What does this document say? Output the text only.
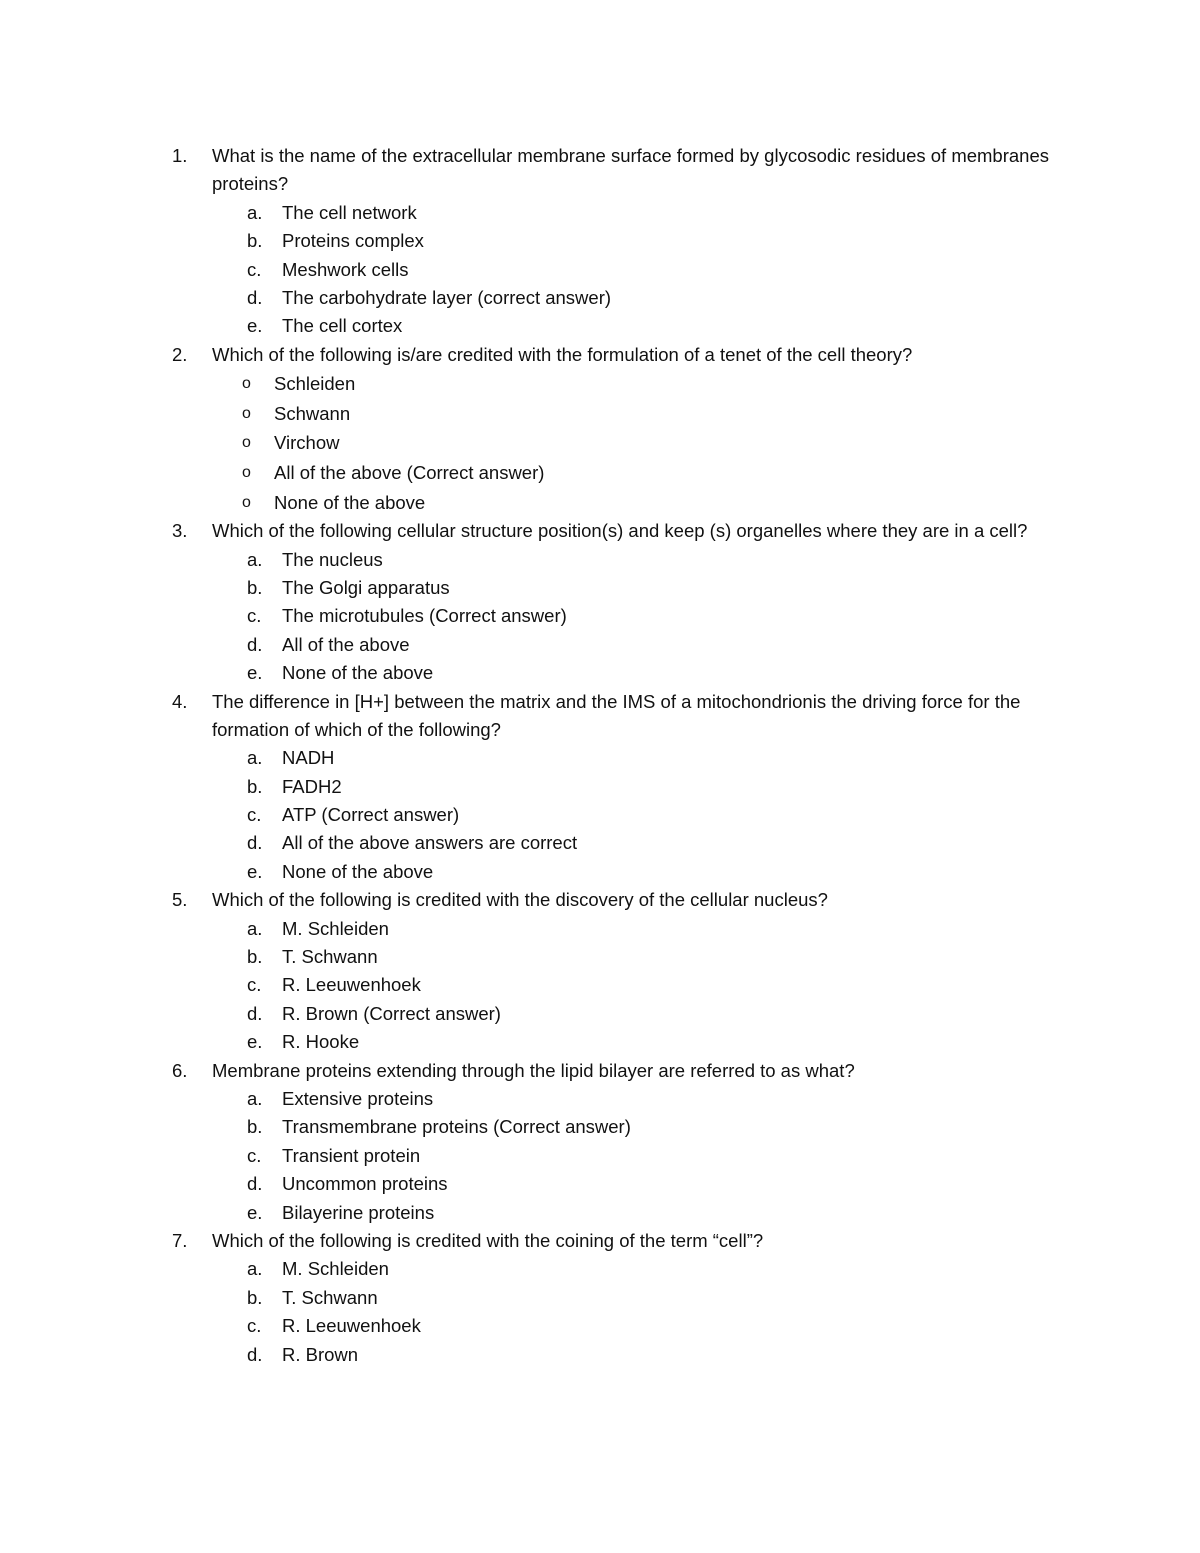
1.	What is the name of the extracellular membrane surface formed by glycosodic residues of membranes proteins?
a.	The cell network
b.	Proteins complex
c.	Meshwork cells
d.	The carbohydrate layer (correct answer)
e.	The cell cortex
2.	Which of the following is/are credited with the formulation of a tenet of the cell theory?
o	Schleiden
o	Schwann
o	Virchow
o	All of the above (Correct answer)
o	None of the above
3.	Which of the following cellular structure position(s) and keep (s) organelles where they are in a cell?
a.	The nucleus
b.	The Golgi apparatus
c.	The microtubules (Correct answer)
d.	All of the above
e.	None of the above
4.	The difference in [H+] between the matrix and the IMS of a mitochondrionis the driving force for the formation of which of the following?
a.	NADH
b.	FADH2
c.	ATP (Correct answer)
d.	All of the above answers are correct
e.	None of the above
5.	Which of the following is credited with the discovery of the cellular nucleus?
a.	M. Schleiden
b.	T. Schwann
c.	R. Leeuwenhoek
d.	R. Brown (Correct answer)
e.	R. Hooke
6.	Membrane proteins extending through the lipid bilayer are referred to as what?
a.	Extensive proteins
b.	Transmembrane proteins (Correct answer)
c.	Transient protein
d.	Uncommon proteins
e.	Bilayerine proteins
7.	Which of the following is credited with the coining of the term “cell”?
a.	M. Schleiden
b.	T. Schwann
c.	R. Leeuwenhoek
d.	R. Brown
